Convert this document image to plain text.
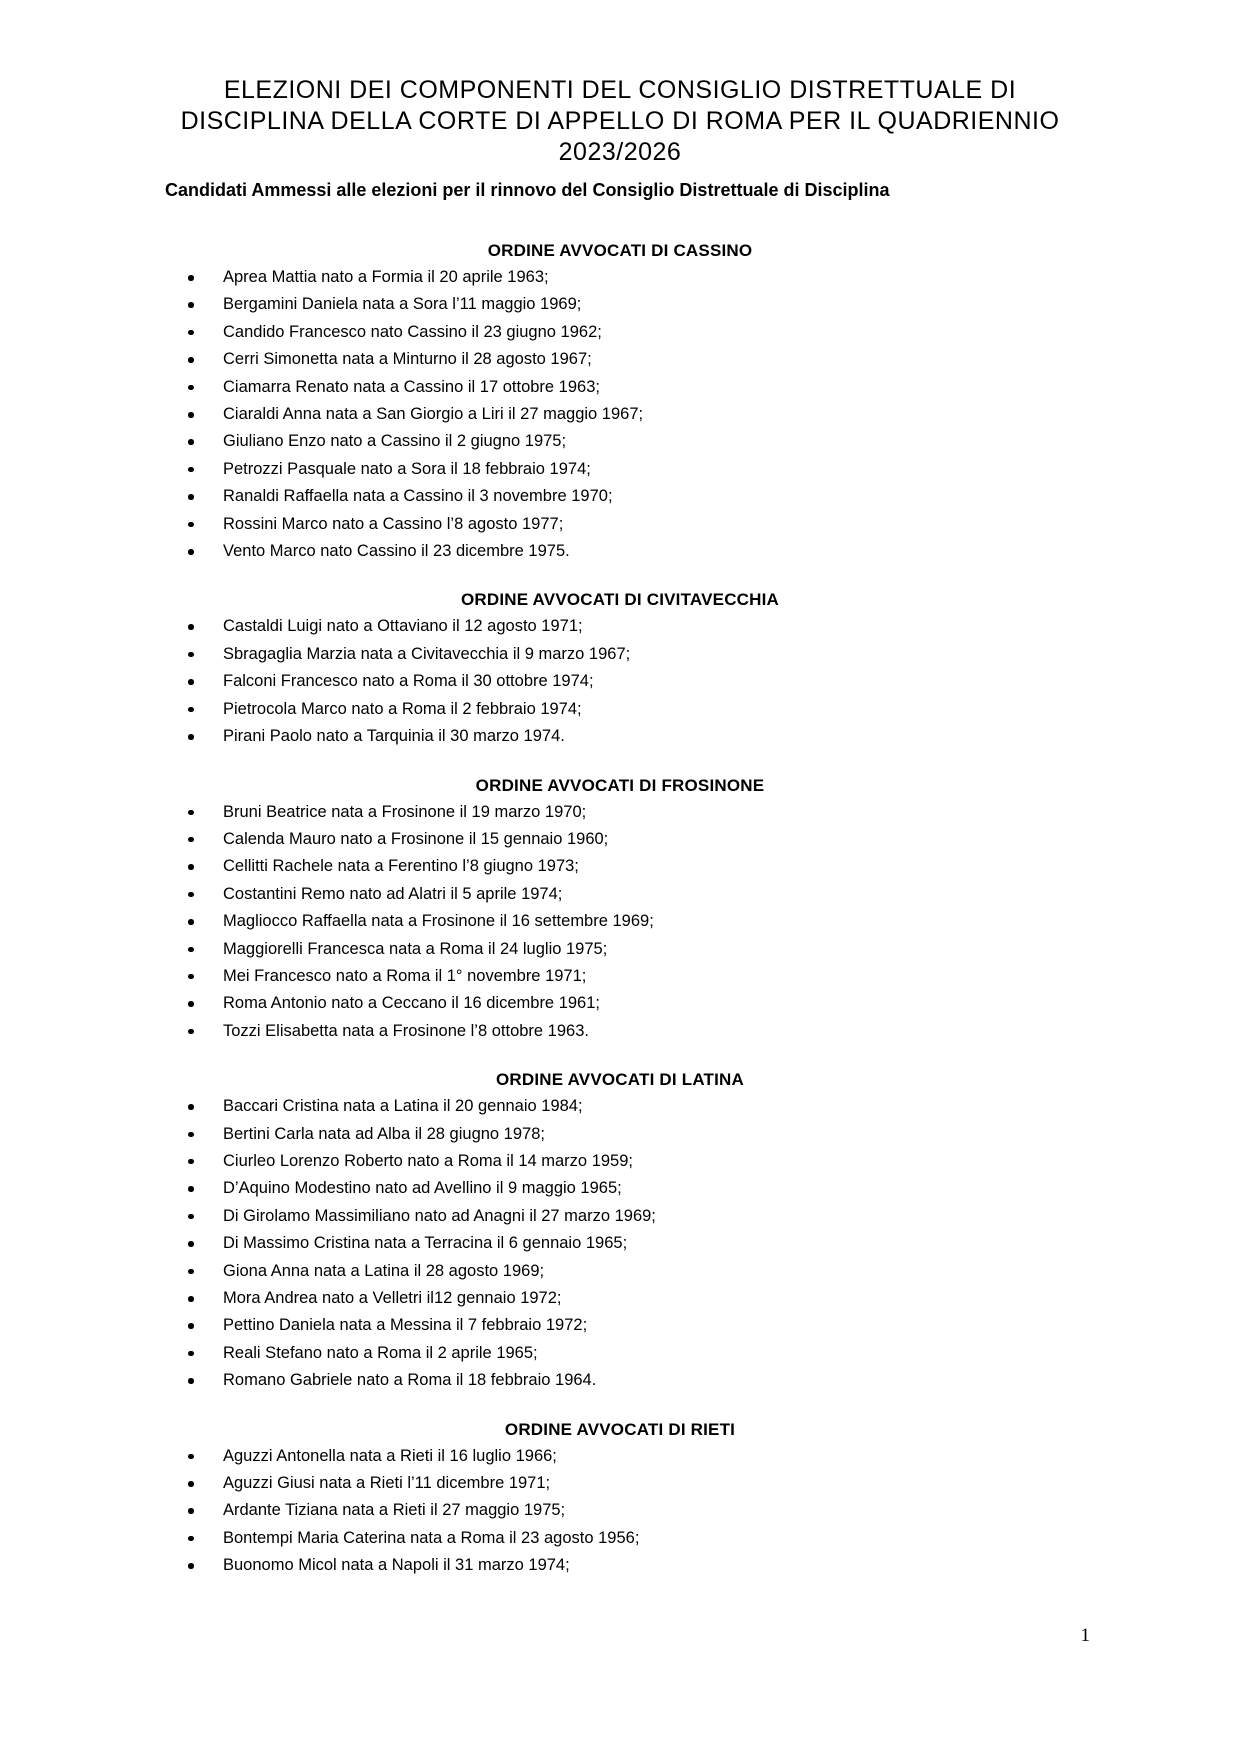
ELEZIONI DEI COMPONENTI DEL CONSIGLIO DISTRETTUALE DI
DISCIPLINA DELLA CORTE DI APPELLO DI ROMA PER IL QUADRIENNIO
2023/2026

Candidati Ammessi alle elezioni per il rinnovo del Consiglio Distrettuale di Disciplina

ORDINE AVVOCATI DI CASSINO
Aprea Mattia nato a Formia il 20 aprile 1963;
Bergamini Daniela nata a Sora l’11 maggio 1969;
Candido Francesco nato Cassino il 23 giugno 1962;
Cerri Simonetta nata a Minturno il 28 agosto 1967;
Ciamarra Renato nata a Cassino il 17 ottobre 1963;
Ciaraldi Anna nata a San Giorgio a Liri il 27 maggio 1967;
Giuliano Enzo nato a Cassino il 2 giugno 1975;
Petrozzi Pasquale nato a Sora il 18 febbraio 1974;
Ranaldi Raffaella nata a Cassino il 3 novembre 1970;
Rossini Marco nato a Cassino l’8 agosto 1977;
Vento Marco nato Cassino il 23 dicembre 1975.
ORDINE AVVOCATI DI CIVITAVECCHIA
Castaldi Luigi nato a Ottaviano il 12 agosto 1971;
Sbragaglia Marzia nata a Civitavecchia il 9 marzo 1967;
Falconi Francesco nato a Roma il 30 ottobre 1974;
Pietrocola Marco nato a Roma il 2 febbraio 1974;
Pirani Paolo nato a Tarquinia il 30 marzo 1974.
ORDINE AVVOCATI DI FROSINONE
Bruni Beatrice nata a Frosinone il 19 marzo 1970;
Calenda Mauro nato a Frosinone il 15 gennaio 1960;
Cellitti Rachele nata a Ferentino l’8 giugno 1973;
Costantini Remo nato ad Alatri il 5 aprile 1974;
Magliocco Raffaella nata a Frosinone il 16 settembre 1969;
Maggiorelli Francesca nata a Roma il 24 luglio 1975;
Mei Francesco nato a Roma il 1° novembre 1971;
Roma Antonio nato a Ceccano il 16 dicembre 1961;
Tozzi Elisabetta nata a Frosinone l’8 ottobre 1963.
ORDINE AVVOCATI DI LATINA
Baccari Cristina nata a Latina il 20 gennaio 1984;
Bertini Carla nata ad Alba il 28 giugno 1978;
Ciurleo Lorenzo Roberto nato a Roma il 14 marzo 1959;
D’Aquino Modestino nato ad Avellino il 9 maggio 1965;
Di Girolamo Massimiliano nato ad Anagni il 27 marzo 1969;
Di Massimo Cristina nata a Terracina il 6 gennaio 1965;
Giona Anna nata a Latina il 28 agosto 1969;
Mora Andrea nato a Velletri il12 gennaio 1972;
Pettino Daniela nata a Messina il 7 febbraio 1972;
Reali Stefano nato a Roma il 2 aprile 1965;
Romano Gabriele nato a Roma il 18 febbraio 1964.
ORDINE AVVOCATI DI RIETI
Aguzzi Antonella nata a Rieti il 16 luglio 1966;
Aguzzi Giusi nata a Rieti l’11 dicembre 1971;
Ardante Tiziana nata a Rieti il 27 maggio 1975;
Bontempi Maria Caterina nata a Roma il 23 agosto 1956;
Buonomo Micol nata a Napoli il 31 marzo 1974;
1
